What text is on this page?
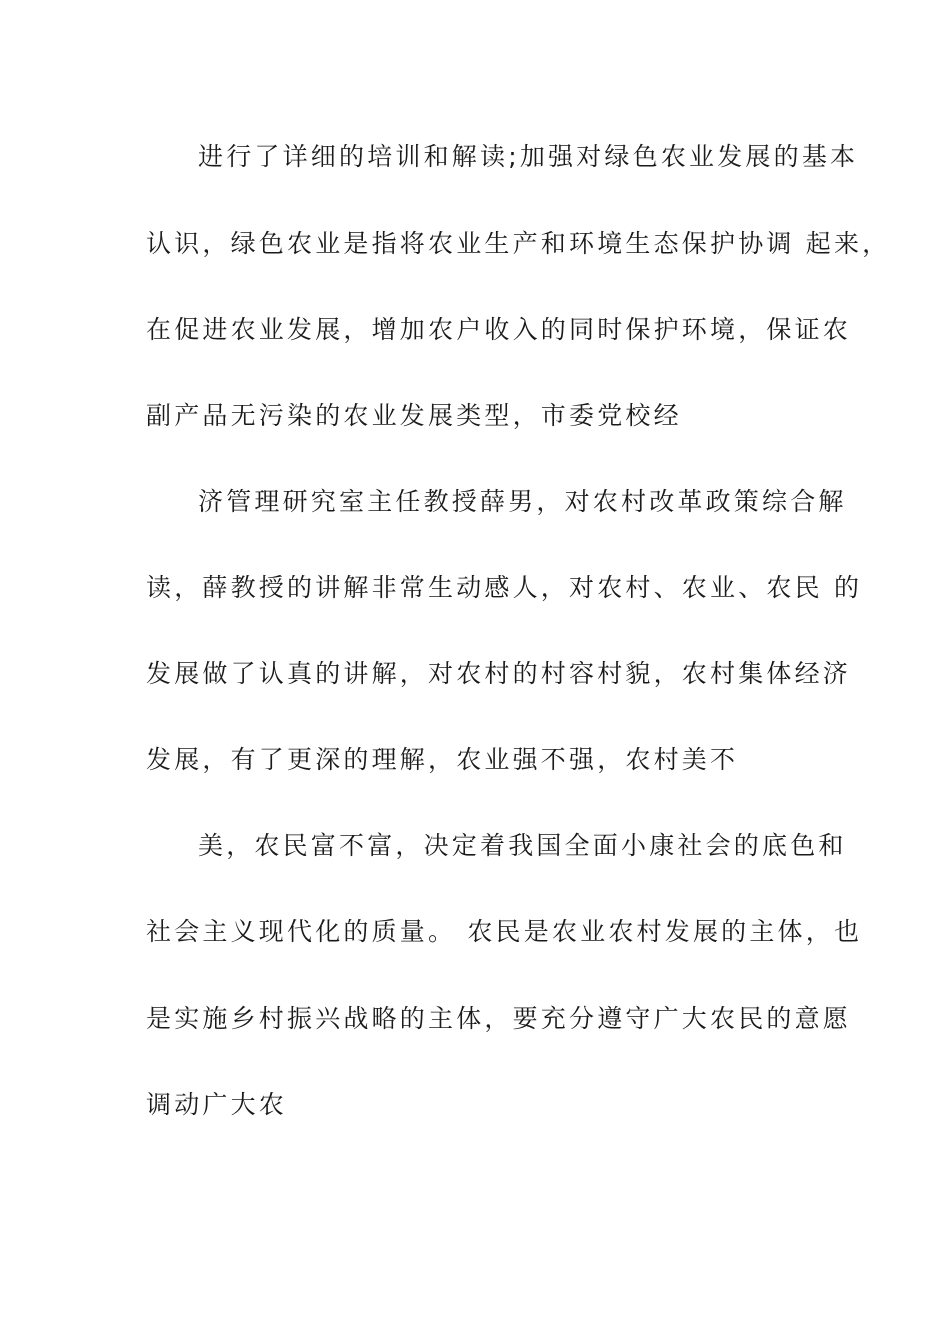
进行了详细的培训和解读;加强对绿色农业发展的基本
认识，绿色农业是指将农业生产和环境生态保护协调 起来，
在促进农业发展，增加农户收入的同时保护环境，保证农
副产品无污染的农业发展类型，市委党校经
济管理研究室主任教授薛男，对农村改革政策综合解
读，薛教授的讲解非常生动感人，对农村、农业、农民 的
发展做了认真的讲解，对农村的村容村貌，农村集体经济
发展，有了更深的理解，农业强不强，农村美不
美，农民富不富，决定着我国全面小康社会的底色和
社会主义现代化的质量。 农民是农业农村发展的主体，也
是实施乡村振兴战略的主体，要充分遵守广大农民的意愿
调动广大农
